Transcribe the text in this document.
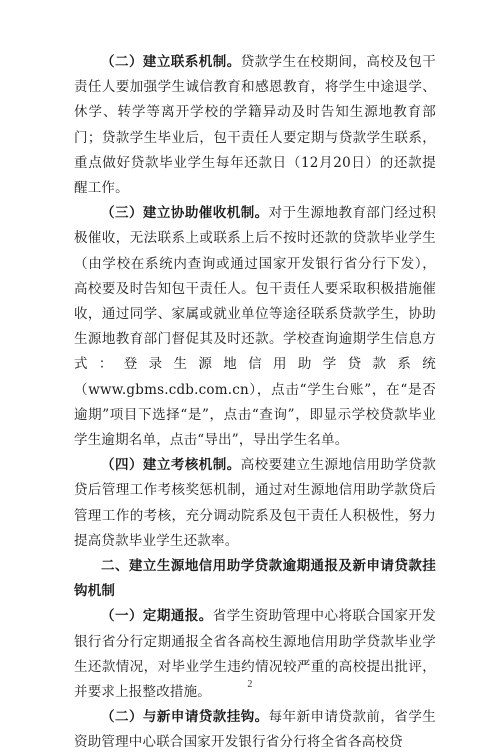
（二）建立联系机制。贷款学生在校期间，高校及包干责任人要加强学生诚信教育和感恩教育，将学生中途退学、休学、转学等离开学校的学籍异动及时告知生源地教育部门；贷款学生毕业后，包干责任人要定期与贷款学生联系，重点做好贷款毕业学生每年还款日（12月20日）的还款提醒工作。

（三）建立协助催收机制。对于生源地教育部门经过积极催收，无法联系上或联系上后不按时还款的贷款毕业学生（由学校在系统内查询或通过国家开发银行省分行下发），高校要及时告知包干责任人。包干责任人要采取积极措施催收，通过同学、家属或就业单位等途径联系贷款学生，协助生源地教育部门督促其及时还款。学校查询逾期学生信息方式：登录生源地信用助学贷款系统（www.gbms.cdb.com.cn），点击“学生台账”，在“是否逾期”项目下选择“是”，点击“查询”，即显示学校贷款毕业学生逾期名单，点击“导出”，导出学生名单。

（四）建立考核机制。高校要建立生源地信用助学贷款贷后管理工作考核奖惩机制，通过对生源地信用助学款贷后管理工作的考核，充分调动院系及包干责任人积极性，努力提高贷款毕业学生还款率。

二、建立生源地信用助学贷款逾期通报及新申请贷款挂钩机制

（一）定期通报。省学生资助管理中心将联合国家开发银行省分行定期通报全省各高校生源地信用助学贷款毕业学生还款情况，对毕业学生违约情况较严重的高校提出批评，并要求上报整改措施。

（二）与新申请贷款挂钩。每年新申请贷款前，省学生资助管理中心联合国家开发银行省分行将全省各高校贷

2
